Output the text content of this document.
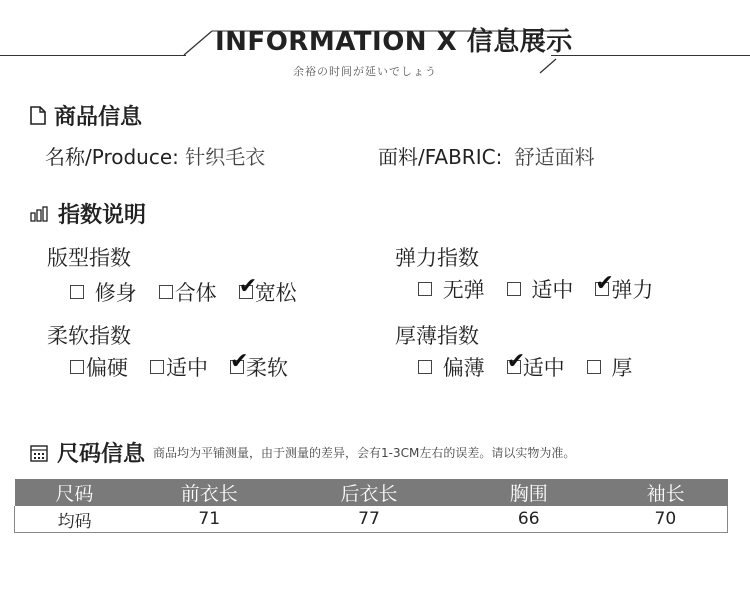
INFORMATION X 信息展示
余裕の时间が延いでしょう
商品信息
名称/Produce: 针织毛衣	面料/FABRIC: 舒适面料
指数说明
版型指数

修身 合体 ✔
宽松
弹力指数

无弹
适中 ✔
弹力
柔软指数
偏硬 适中 ✔
柔软
厚薄指数

偏薄 ✔
适中
厚
尺码信息 商品均为平铺测量，由于测量的差异，会有1-3CM左右的误差。请以实物为准。
尺码	前衣长	后衣长	胸围	袖长
均码	71	77	66	70
